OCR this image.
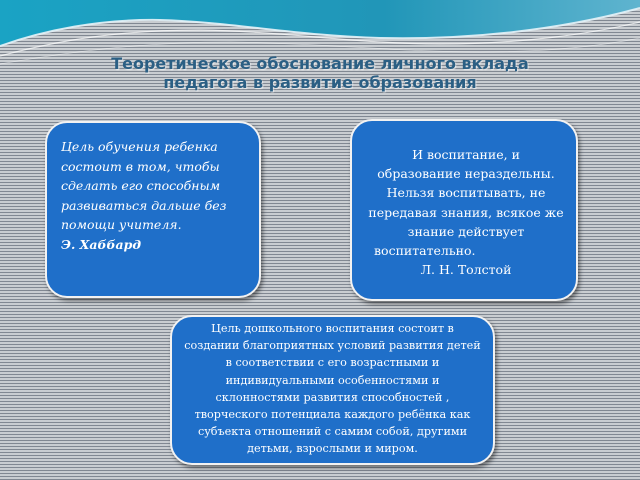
Теоретическое обоснование личного вклада
педагога в развитие образования
Цель обучения ребенка
состоит в том, чтобы
сделать его способным
развиваться дальше без
помощи учителя.
Э. Хаббард
И воспитание, и
образование нераздельны.
Нельзя воспитывать, не
передавая знания, всякое же
знание действует
воспитательно.
Л. Н. Толстой
Цель дошкольного воспитания состоит в
создании благоприятных условий развития детей
в соответствии с его возрастными и
индивидуальными особенностями и
склонностями развития способностей ,
творческого потенциала каждого ребёнка как
субъекта отношений с самим собой, другими
детьми, взрослыми и миром.
